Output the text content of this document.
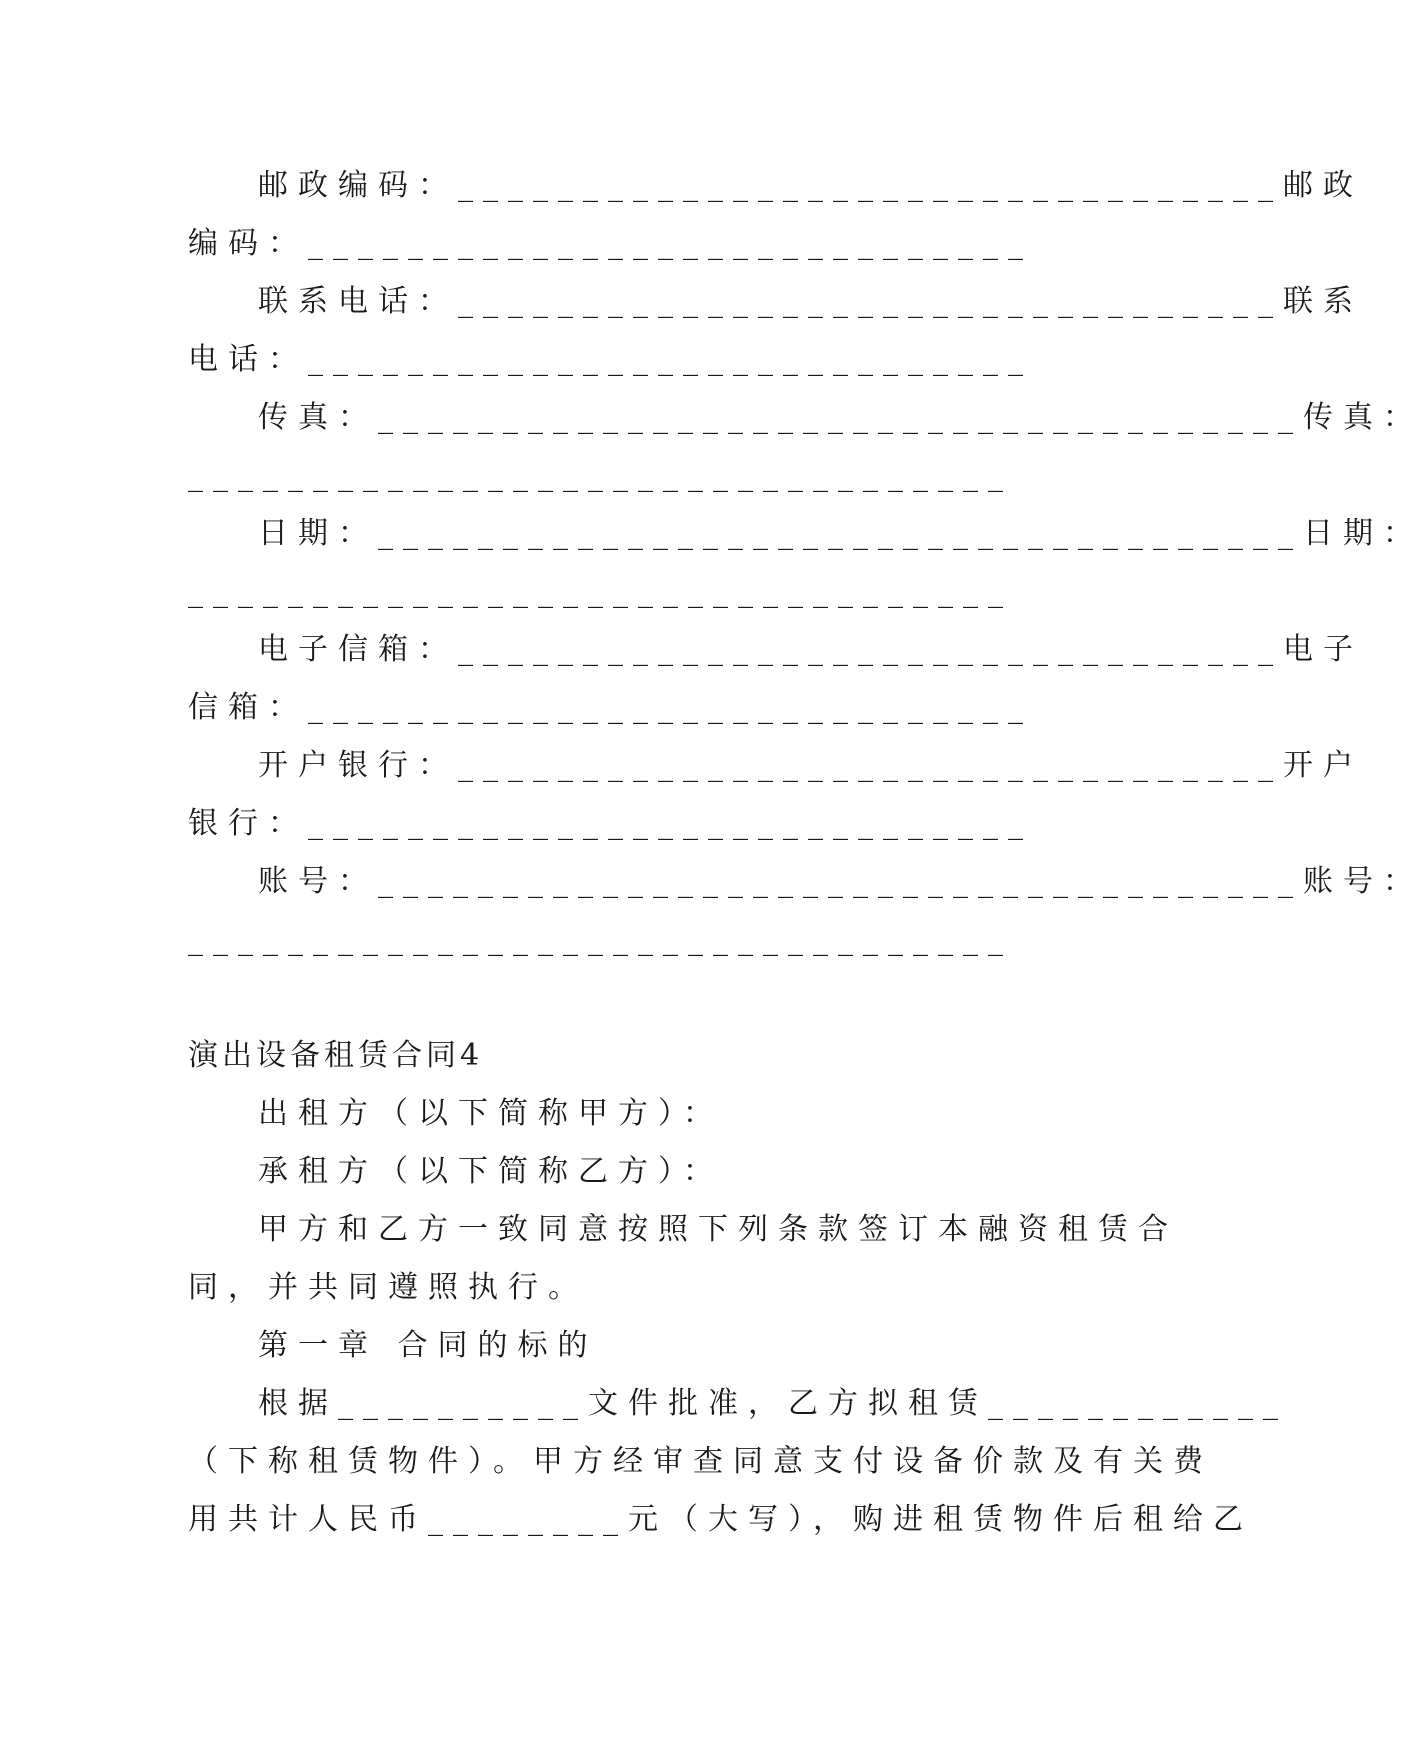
邮政编码：_________________________________邮政
编码：_____________________________
联系电话：_________________________________联系
电话：_____________________________
传真：_____________________________________传真：
_________________________________
日期：_____________________________________日期：
_________________________________
电子信箱：_________________________________电子
信箱：_____________________________
开户银行：_________________________________开户
银行：_____________________________
账号：_____________________________________账号：
_________________________________
演出设备租赁合同4
出租方（以下简称甲方）：
承租方（以下简称乙方）：
甲方和乙方一致同意按照下列条款签订本融资租赁合
同，并共同遵照执行。
第一章 合同的标的
根据__________文件批准，乙方拟租赁____________
（下称租赁物件）。甲方经审查同意支付设备价款及有关费
用共计人民币________元（大写），购进租赁物件后租给乙
